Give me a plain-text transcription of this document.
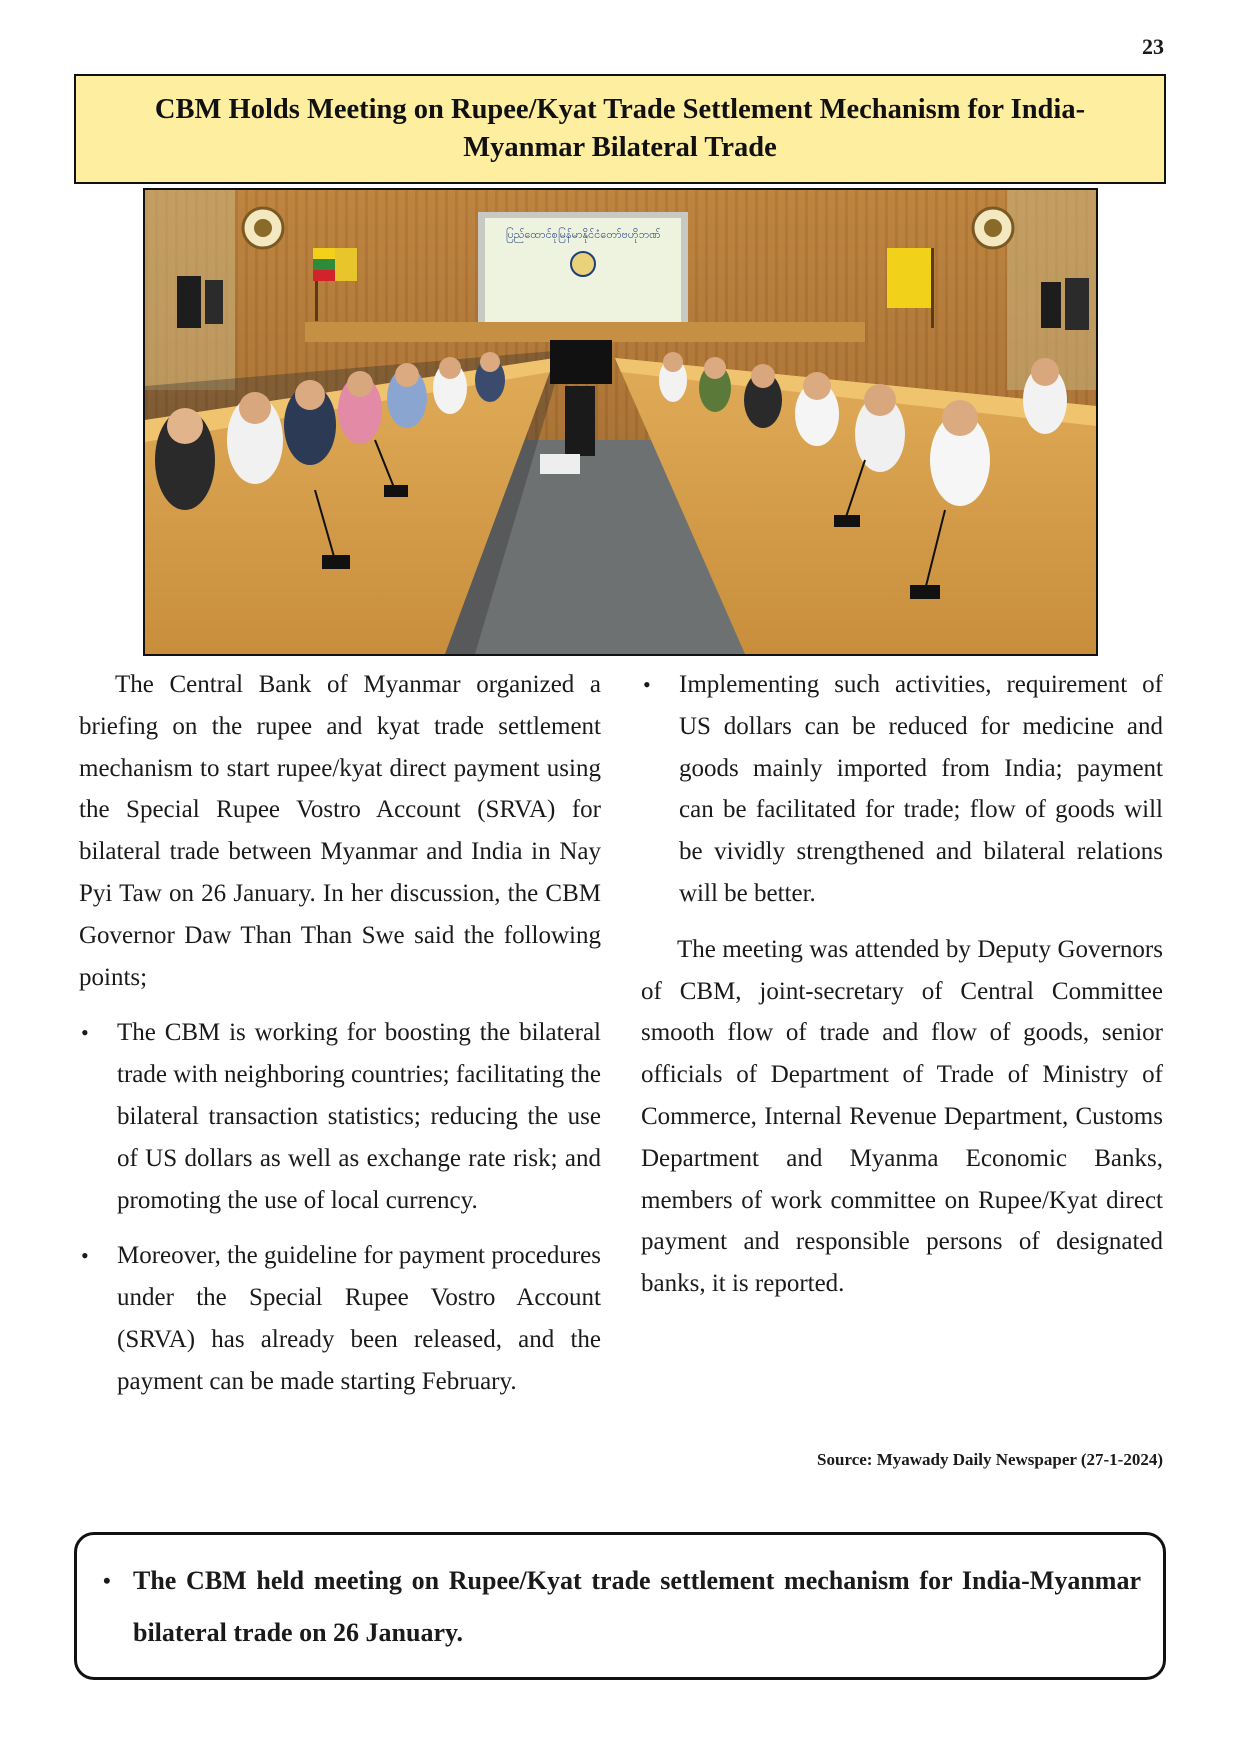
23
CBM Holds Meeting on Rupee/Kyat Trade Settlement Mechanism for India-Myanmar Bilateral Trade
ပြည်ထောင်စုမြန်မာနိုင်ငံတော်ဗဟိုဘဏ်

The Central Bank of Myanmar organized a briefing on the rupee and kyat trade settlement mechanism to start rupee/kyat direct payment using the Special Rupee Vostro Account (SRVA) for bilateral trade between Myanmar and India in Nay Pyi Taw on 26 January. In her discussion, the CBM Governor Daw Than Than Swe said the following points;

• The CBM is working for boosting the bilateral trade with neighboring countries; facilitating the bilateral transaction statistics; reducing the use of US dollars as well as exchange rate risk; and promoting the use of local currency.
• Moreover, the guideline for payment procedures under the Special Rupee Vostro Account (SRVA) has already been released, and the payment can be made starting February.
• Implementing such activities, requirement of US dollars can be reduced for medicine and goods mainly imported from India; payment can be facilitated for trade; flow of goods will be vividly strengthened and bilateral relations will be better.

The meeting was attended by Deputy Governors of CBM, joint-secretary of Central Committee smooth flow of trade and flow of goods, senior officials of Department of Trade of Ministry of Commerce, Internal Revenue Department, Customs Department and Myanma Economic Banks, members of work committee on Rupee/Kyat direct payment and responsible persons of designated banks, it is reported.

Source: Myawady Daily Newspaper (27-1-2024)
• The CBM held meeting on Rupee/Kyat trade settlement mechanism for India-Myanmar bilateral trade on 26 January.
